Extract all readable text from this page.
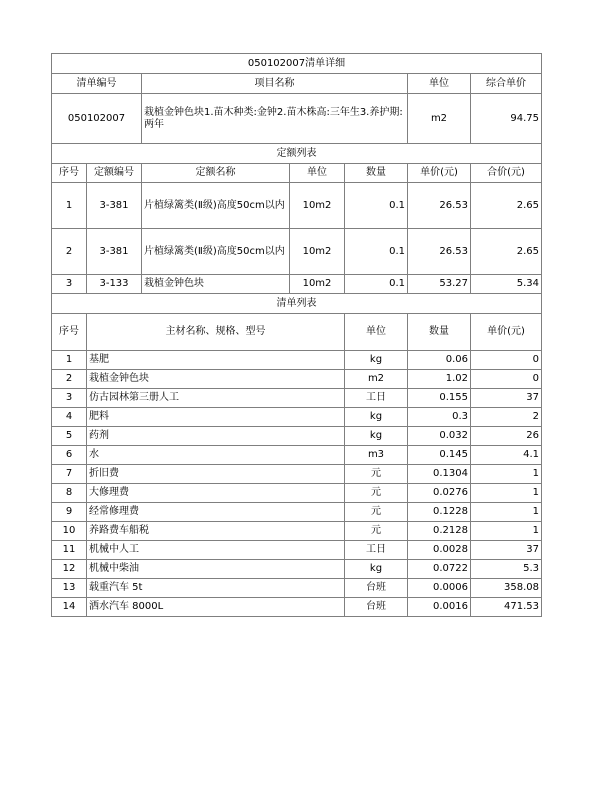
050102007清单详细							
清单编号		项目名称			单位	综合单价	
050102007		栽植金钟色块1.苗木种类:金钟2.苗木株高:三年生3.养护期:两年			m2	94.75	
定额列表							
序号	定额编号	定额名称	单位	数量	单价(元)	合价(元)	
1	3-381	片植绿篱类(Ⅱ级)高度50cm以内	10m2	0.1	26.53	2.65	
2	3-381	片植绿篱类(Ⅱ级)高度50cm以内	10m2	0.1	26.53	2.65	
3	3-133	栽植金钟色块	10m2	0.1	53.27	5.34	
清单列表							
序号	主材名称、规格、型号			单位	数量	单价(元)	
1	基肥			kg	0.06	0	
2	栽植金钟色块			m2	1.02	0	
3	仿古园林第三册人工			工日	0.155	37	
4	肥料			kg	0.3	2	
5	药剂			kg	0.032	26	
6	水			m3	0.145	4.1	
7	折旧费			元	0.1304	1	
8	大修理费			元	0.0276	1	
9	经常修理费			元	0.1228	1	
10	养路费车船税			元	0.2128	1	
11	机械中人工			工日	0.0028	37	
12	机械中柴油			kg	0.0722	5.3	
13	载重汽车 5t			台班	0.0006	358.08	
14	洒水汽车 8000L			台班	0.0016	471.53	
